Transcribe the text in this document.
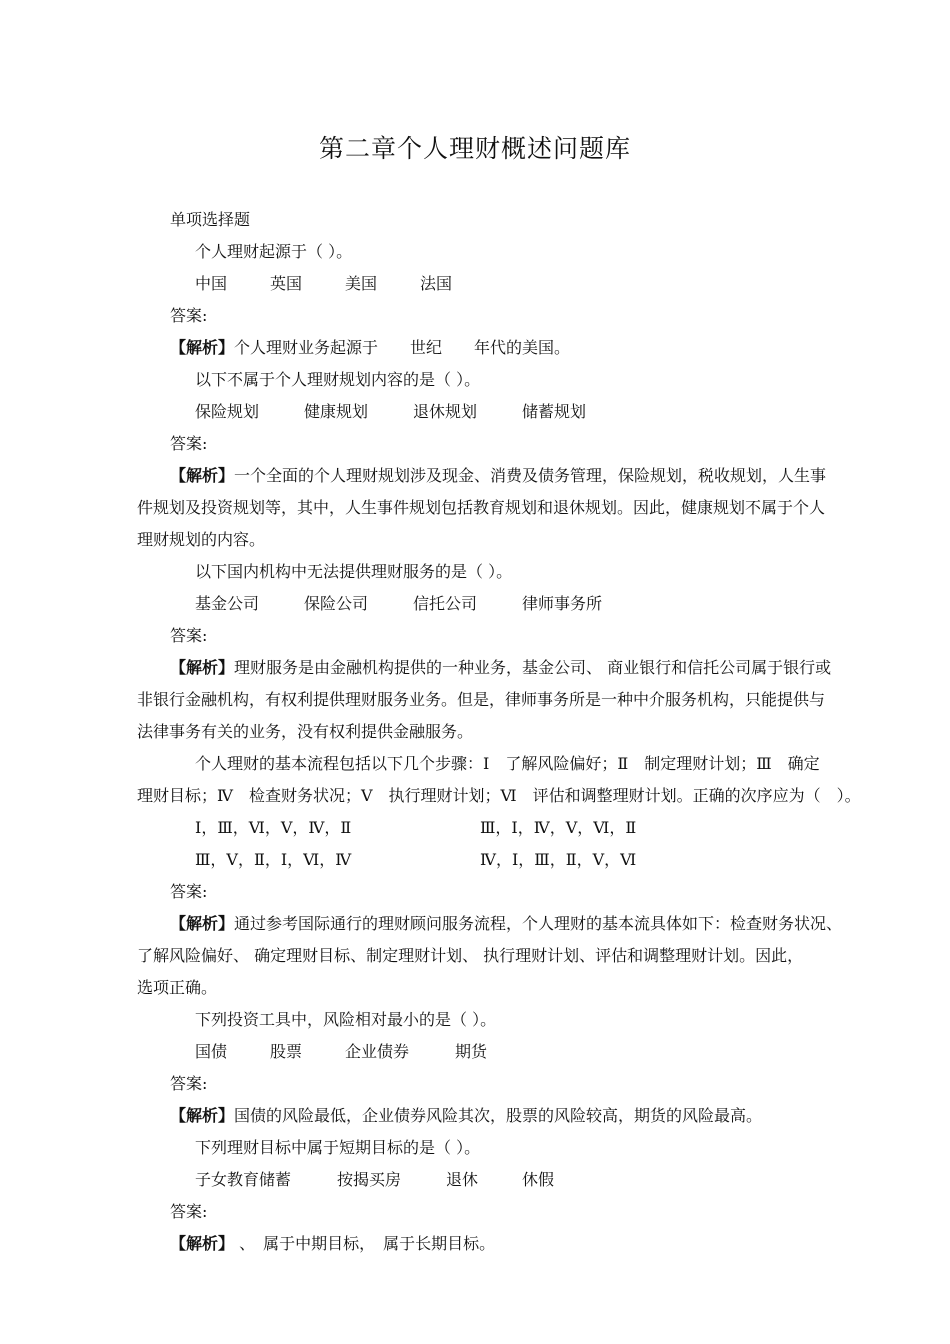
第二章个人理财概述问题库
单项选择题
个人理财起源于（ ）。
中国	英国	美国	法国
答案:
【解析】个人理财业务起源于　　世纪　　年代的美国。
以下不属于个人理财规划内容的是（ ）。
保险规划	健康规划	退休规划	储蓄规划
答案:
【解析】一个全面的个人理财规划涉及现金、消费及债务管理，保险规划，税收规划，人生事
件规划及投资规划等，其中，人生事件规划包括教育规划和退休规划。因此，健康规划不属于个人
理财规划的内容。
以下国内机构中无法提供理财服务的是（ ）。
基金公司	保险公司	信托公司	律师事务所
答案:
【解析】理财服务是由金融机构提供的一种业务，基金公司、 商业银行和信托公司属于银行或
非银行金融机构，有权利提供理财服务业务。但是，律师事务所是一种中介服务机构，只能提供与
法律事务有关的业务，没有权利提供金融服务。
个人理财的基本流程包括以下几个步骤：Ⅰ　了解风险偏好；Ⅱ　制定理财计划；Ⅲ　确定
理财目标；Ⅳ　检查财务状况；Ⅴ　执行理财计划；Ⅵ　评估和调整理财计划。正确的次序应为（　）。
Ⅰ，Ⅲ，Ⅵ，Ⅴ，Ⅳ，Ⅱ	Ⅲ，Ⅰ，Ⅳ，Ⅴ，Ⅵ，Ⅱ
Ⅲ，Ⅴ，Ⅱ，Ⅰ，Ⅵ，Ⅳ	Ⅳ，Ⅰ，Ⅲ，Ⅱ，Ⅴ，Ⅵ
答案:
【解析】通过参考国际通行的理财顾问服务流程，个人理财的基本流具体如下：检查财务状况、
了解风险偏好、 确定理财目标、制定理财计划、 执行理财计划、评估和调整理财计划。因此，
选项正确。
下列投资工具中，风险相对最小的是（ ）。
国债	股票	企业债券	期货
答案:
【解析】国债的风险最低，企业债券风险其次，股票的风险较高，期货的风险最高。
下列理财目标中属于短期目标的是（ ）。
子女教育储蓄	按揭买房	退休	休假
答案:
【解析】 、　属于中期目标，　属于长期目标。
